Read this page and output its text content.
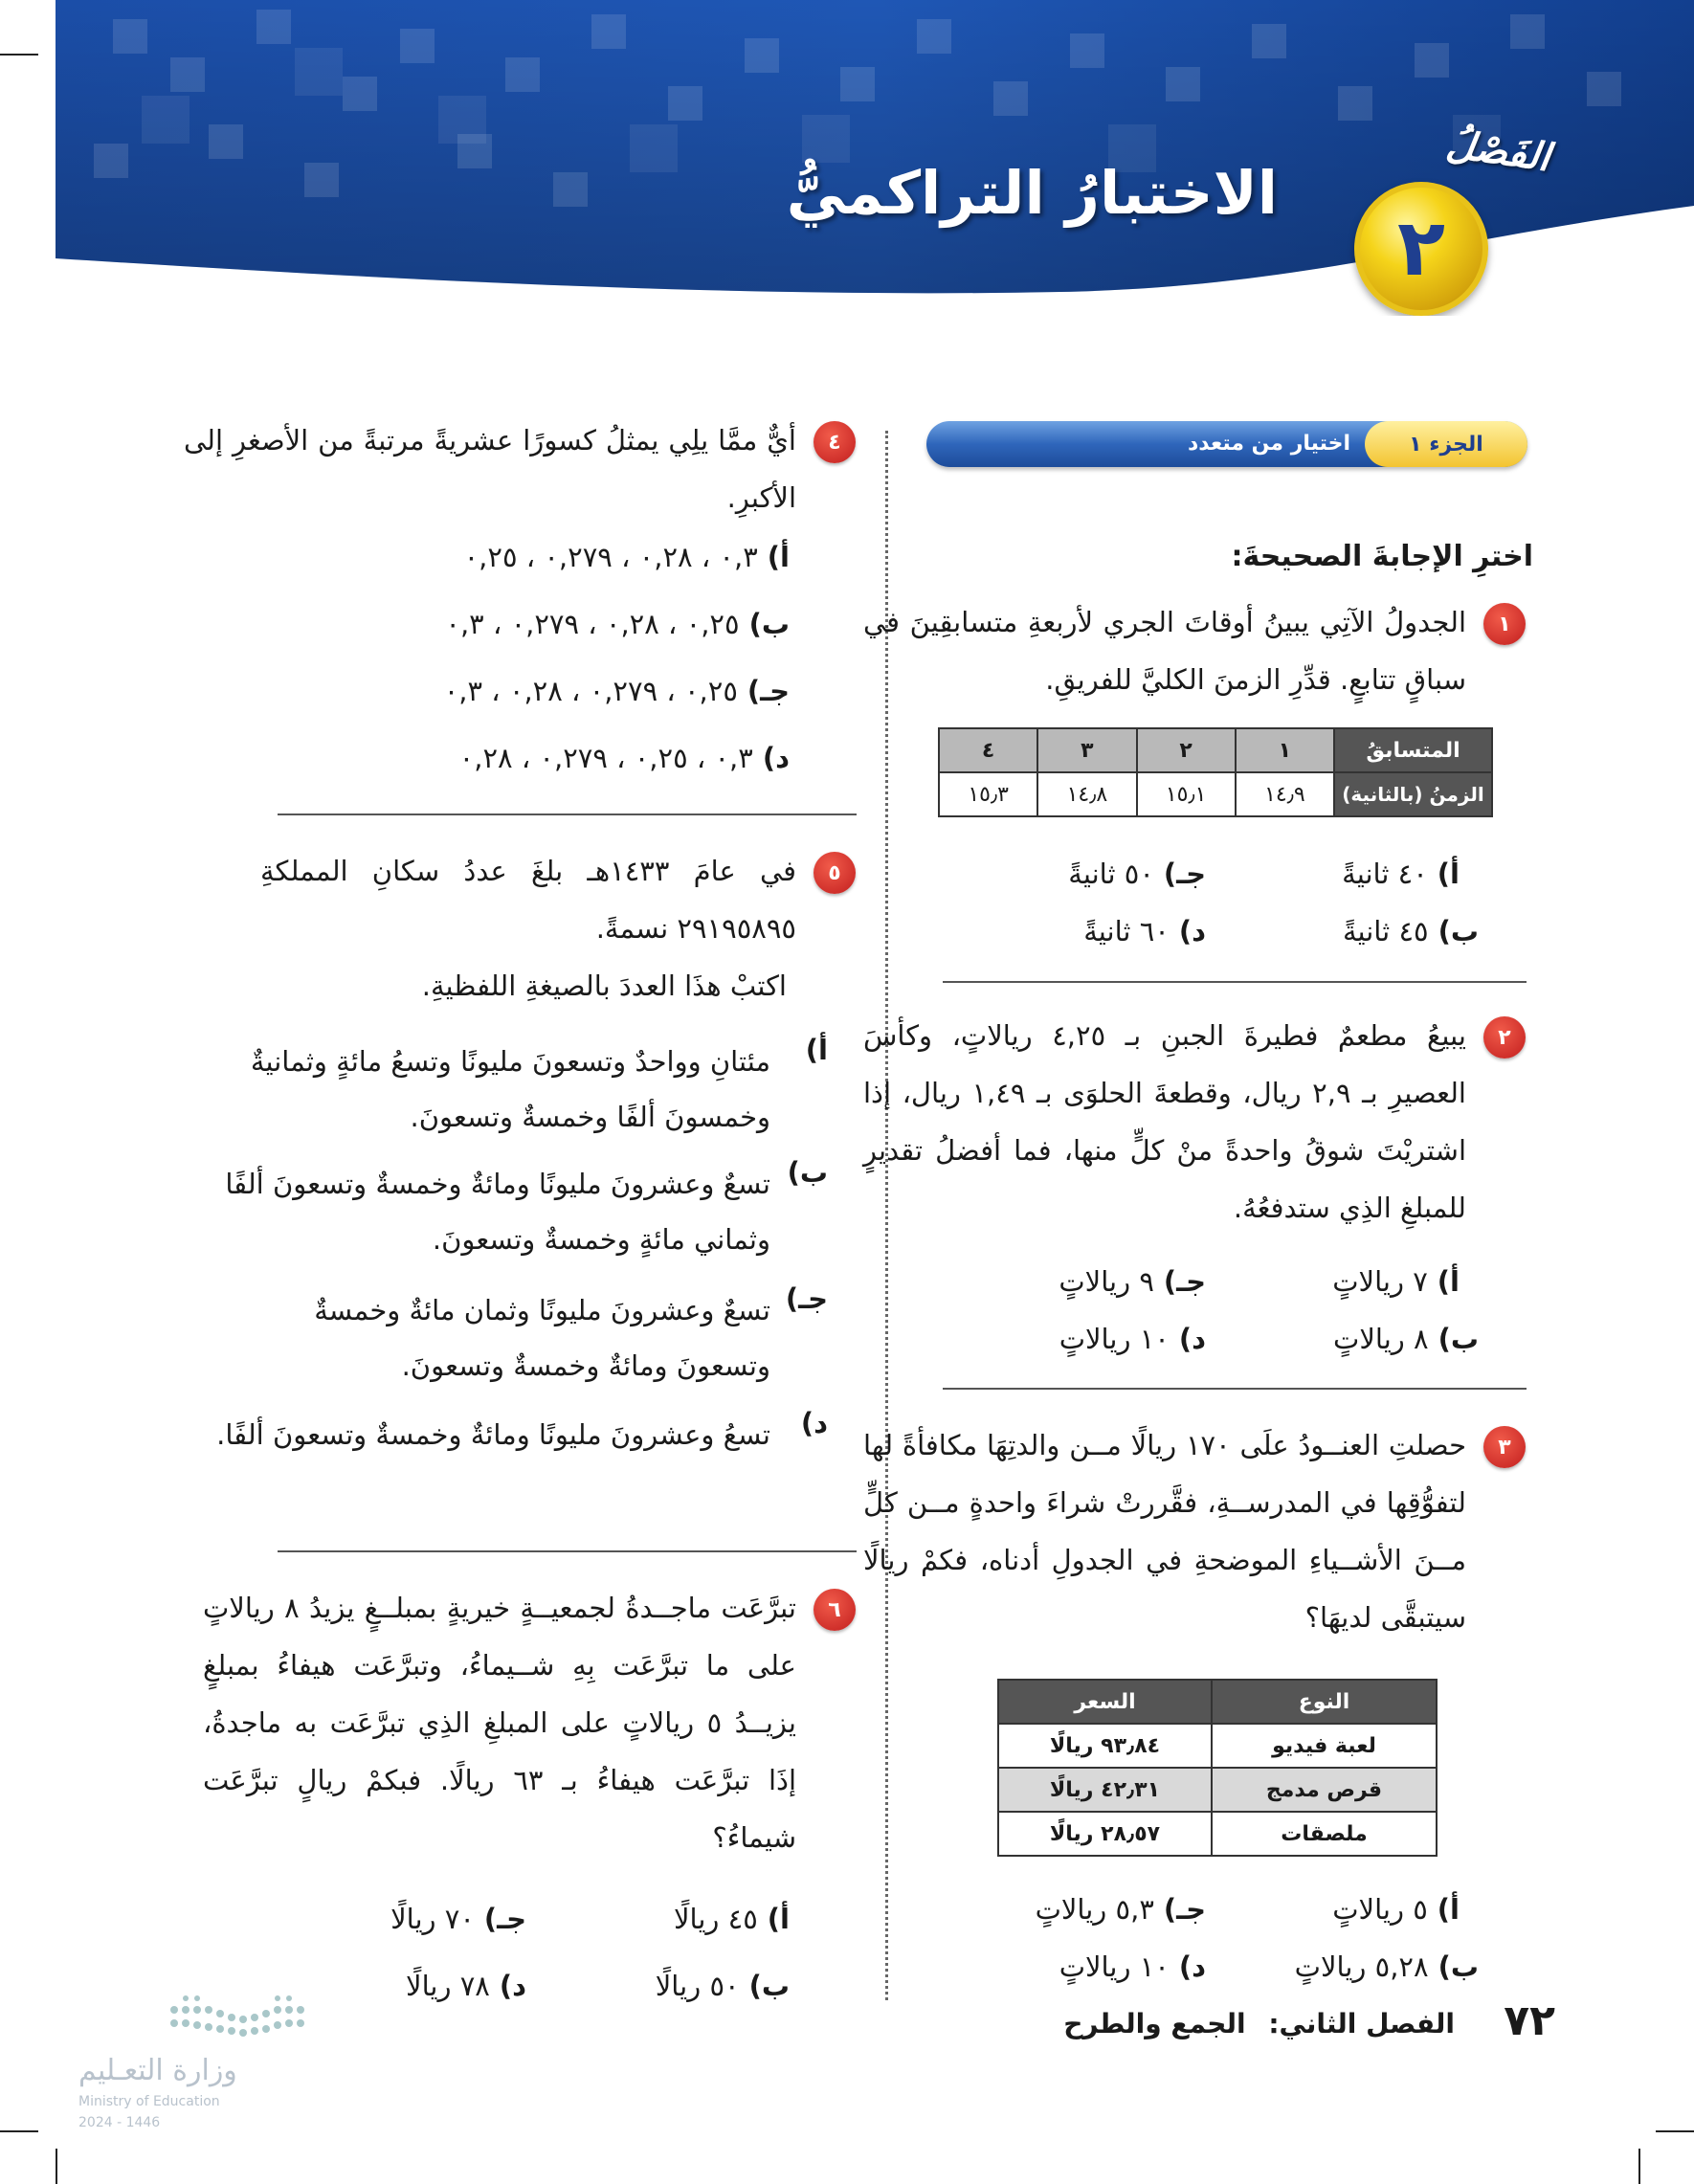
الاختبارُ التراكميُّ
الفَصْلُ
٢
الجزء ١
اختيار من متعدد
اخترِ الإجابةَ الصحيحةَ:
١
الجدولُ الآتِي يبينُ أوقاتَ الجري لأربعةِ متسابقِينَ في سباقٍ تتابعٍ. قدِّرِ الزمنَ الكليَّ للفريقِ.
المتسابقُ	١	٢	٣	٤
الزمنُ (بالثانية)	١٤٫٩	١٥٫١	١٤٫٨	١٥٫٣
أ)٤٠ ثانيةً
جـ)٥٠ ثانيةً
ب)٤٥ ثانيةً
د)٦٠ ثانيةً
٢
يبيعُ مطعمٌ فطيرةَ الجبنِ بـ ٤,٢٥ ريالاتٍ، وكأسَ العصيرِ بـ ٢,٩ ريال، وقطعةَ الحلوَى بـ ١,٤٩ ريال، إذا اشتريْتَ شوقُ واحدةً منْ كلٍّ منها، فما أفضلُ تقديرٍ للمبلغِ الذِي ستدفعُهُ.
أ)٧ ريالاتٍ
جـ)٩ ريالاتٍ
ب)٨ ريالاتٍ
د)١٠ ريالاتٍ
٣
حصلتِ العنــودُ علَى ١٧٠ ريالًا مــن والدتِهَا مكافأةً لها لتفوُّقِها في المدرســةِ، فقَّررتْ شراءَ واحدةٍ مــن كلٍّ مــنَ الأشــياءِ الموضحةِ في الجدولِ أدناه، فكمْ ريالًا سيتبقَّى لديهَا؟
النوع	السعر
لعبة فيديو	٩٣٫٨٤ ريالًا
قرص مدمج	٤٢٫٣١ ريالًا
ملصقات	٢٨٫٥٧ ريالًا
أ)٥ ريالاتٍ
جـ)٥,٣ ريالاتٍ
ب)٥,٢٨ ريالاتٍ
د)١٠ ريالاتٍ
٤
أيٌّ ممَّا يلِي يمثلُ كسورًا عشريةً مرتبةً من الأصغرِ إلى الأكبرِ.
أ)٠,٣ ، ٠,٢٨ ، ٠,٢٧٩ ، ٠,٢٥
ب)٠,٢٥ ، ٠,٢٨ ، ٠,٢٧٩ ، ٠,٣
جـ)٠,٢٥ ، ٠,٢٧٩ ، ٠,٢٨ ، ٠,٣
د)٠,٣ ، ٠,٢٥ ، ٠,٢٧٩ ، ٠,٢٨
٥
في عامَ ١٤٣٣هـ بلغَ عددُ سكانِ المملكةِ ٢٩١٩٥٨٩٥ نسمةً.
اكتبْ هذَا العددَ بالصيغةِ اللفظيةِ.
أ)
مئتانِ وواحدٌ وتسعونَ مليونًا وتسعُ مائةٍ وثمانيةٌ وخمسونَ ألفًا وخمسةٌ وتسعونَ.
ب)
تسعٌ وعشرونَ مليونًا ومائةٌ وخمسةٌ وتسعونَ ألفًا وثماني مائةٍ وخمسةٌ وتسعونَ.
جـ)
تسعٌ وعشرونَ مليونًا وثمان مائةٌ وخمسةٌ وتسعونَ ومائةٌ وخمسةٌ وتسعونَ.
د)
تسعُ وعشرونَ مليونًا ومائةٌ وخمسةٌ وتسعونَ ألفًا.
٦
تبرَّعَت ماجــدةُ لجمعيــةٍ خيريةٍ بمبلــغٍ يزيدُ ٨ ريالاتٍ على ما تبرَّعَت بِهِ شــيماءُ، وتبرَّعَت هيفاءُ بمبلغٍ يزيــدُ ٥ ريالاتٍ على المبلغِ الذِي تبرَّعَت به ماجدةُ، إذَا تبرَّعَت هيفاءُ بـ ٦٣ ريالًا. فبكمْ ريالٍ تبرَّعَت شيماءُ؟
أ)٤٥ ريالًا
جـ)٧٠ ريالًا
ب)٥٠ ريالًا
د)٧٨ ريالًا
وزارة التعـليم
Ministry of Education
2024 - 1446
٧٢
الفصل الثاني: الجمع والطرح
